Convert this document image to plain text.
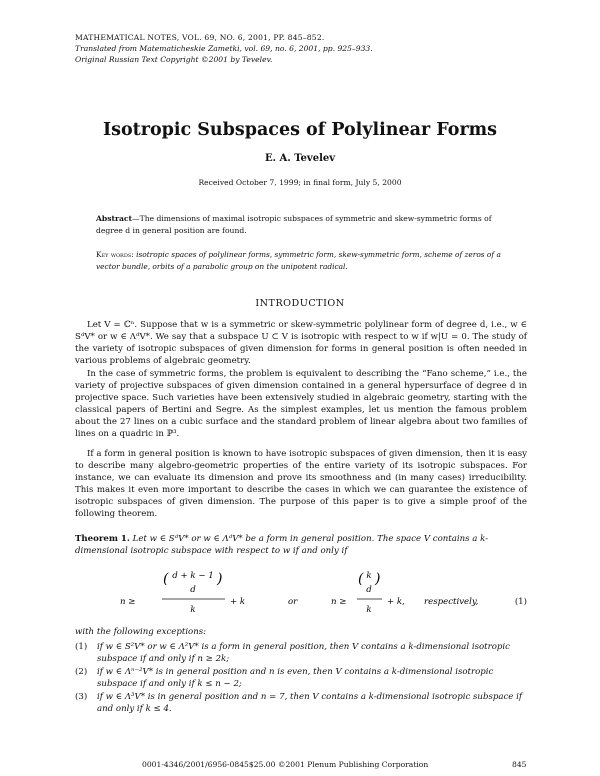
MATHEMATICAL NOTES, VOL. 69, NO. 6, 2001, PP. 845–852.
Translated from Matematicheskie Zametki, vol. 69, no. 6, 2001, pp. 925–933.
Original Russian Text Copyright ©2001 by Tevelev.
Isotropic Subspaces of Polylinear Forms
E. A. Tevelev
Received October 7, 1999; in final form, July 5, 2000
Abstract—The dimensions of maximal isotropic subspaces of symmetric and skew-symmetric forms of degree d in general position are found.
Key words: isotropic spaces of polylinear forms, symmetric form, skew-symmetric form, scheme of zeros of a vector bundle, orbits of a parabolic group on the unipotent radical.
INTRODUCTION

Let V = ℂⁿ. Suppose that w is a symmetric or skew-symmetric polylinear form of degree d, i.e., w ∈ SᵈV* or w ∈ ΛᵈV*. We say that a subspace U ⊂ V is isotropic with respect to w if w|U = 0. The study of the variety of isotropic subspaces of given dimension for forms in general position is often needed in various problems of algebraic geometry.

In the case of symmetric forms, the problem is equivalent to describing the “Fano scheme,” i.e., the variety of projective subspaces of given dimension contained in a general hypersurface of degree d in projective space. Such varieties have been extensively studied in algebraic geometry, starting with the classical papers of Bertini and Segre. As the simplest examples, let us mention the famous problem about the 27 lines on a cubic surface and the standard problem of linear algebra about two families of lines on a quadric in ℙ³.

If a form in general position is known to have isotropic subspaces of given dimension, then it is easy to describe many algebro-geometric properties of the entire variety of its isotropic subspaces. For instance, we can evaluate its dimension and prove its smoothness and (in many cases) irreducibility. This makes it even more important to describe the cases in which we can guarantee the existence of isotropic subspaces of given dimension. The purpose of this paper is to give a simple proof of the following theorem.

Theorem 1. Let w ∈ SᵈV* or w ∈ ΛᵈV* be a form in general position. The space V contains a k-dimensional isotropic subspace with respect to w if and only if
n ≥
( d + k − 1
d
)
k
+ k	or	n ≥
( k
d
)
k
+ k, respectively,	(1)
with the following exceptions:
(1) if w ∈ S²V* or w ∈ Λ²V* is a form in general position, then V contains a k-dimensional isotropic subspace if and only if n ≥ 2k;
(2) if w ∈ Λⁿ⁻²V* is in general position and n is even, then V contains a k-dimensional isotropic subspace if and only if k ≤ n − 2;
(3) if w ∈ Λ³V* is in general position and n = 7, then V contains a k-dimensional isotropic subspace if and only if k ≤ 4.
0001-4346/2001/6956-0845$25.00 ©2001 Plenum Publishing Corporation	845
